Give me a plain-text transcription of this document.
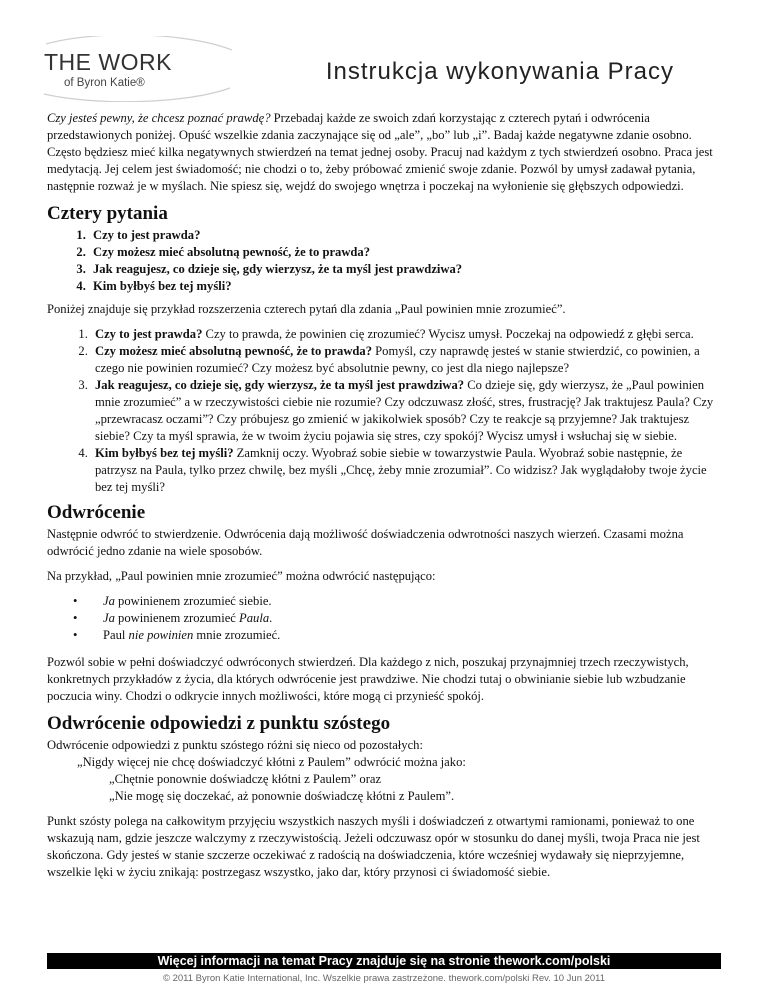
THE WORK
of Byron Katie®	Instrukcja wykonywania Pracy

Czy jesteś pewny, że chcesz poznać prawdę? Przebadaj każde ze swoich zdań korzystając z czterech pytań i odwrócenia przedstawionych poniżej. Opuść wszelkie zdania zaczynające się od „ale”, „bo” lub „i”. Badaj każde negatywne zdanie osobno. Często będziesz mieć kilka negatywnych stwierdzeń na temat jednej osoby. Pracuj nad każdym z tych stwierdzeń osobno. Praca jest medytacją. Jej celem jest świadomość; nie chodzi o to, żeby próbować zmienić swoje zdanie. Pozwól by umysł zadawał pytania, następnie rozważ je w myślach. Nie spiesz się, wejdź do swojego wnętrza i poczekaj na wyłonienie się głębszych odpowiedzi.

Cztery pytania
1. Czy to jest prawda?
2. Czy możesz mieć absolutną pewność, że to prawda?
3. Jak reagujesz, co dzieje się, gdy wierzysz, że ta myśl jest prawdziwa?
4. Kim byłbyś bez tej myśli?

Poniżej znajduje się przykład rozszerzenia czterech pytań dla zdania „Paul powinien mnie zrozumieć”.

1. Czy to jest prawda? Czy to prawda, że powinien cię zrozumieć? Wycisz umysł. Poczekaj na odpowiedź z głębi serca.
2. Czy możesz mieć absolutną pewność, że to prawda? Pomyśl, czy naprawdę jesteś w stanie stwierdzić, co powinien, a czego nie powinien rozumieć? Czy możesz być absolutnie pewny, co jest dla niego najlepsze?
3. Jak reagujesz, co dzieje się, gdy wierzysz, że ta myśl jest prawdziwa? Co dzieje się, gdy wierzysz, że „Paul powinien mnie zrozumieć” a w rzeczywistości ciebie nie rozumie? Czy odczuwasz złość, stres, frustrację? Jak traktujesz Paula? Czy „przewracasz oczami”? Czy próbujesz go zmienić w jakikolwiek sposób? Czy te reakcje są przyjemne? Jak traktujesz siebie? Czy ta myśl sprawia, że w twoim życiu pojawia się stres, czy spokój? Wycisz umysł i wsłuchaj się w siebie.
4. Kim byłbyś bez tej myśli? Zamknij oczy. Wyobraź sobie siebie w towarzystwie Paula. Wyobraź sobie następnie, że patrzysz na Paula, tylko przez chwilę, bez myśli „Chcę, żeby mnie zrozumiał”. Co widzisz? Jak wyglądałoby twoje życie bez tej myśli?
Odwrócenie

Następnie odwróć to stwierdzenie. Odwrócenia dają możliwość doświadczenia odwrotności naszych wierzeń. Czasami można odwrócić jedno zdanie na wiele sposobów.

Na przykład, „Paul powinien mnie zrozumieć” można odwrócić następująco:

• Ja powinienem zrozumieć siebie.
• Ja powinienem zrozumieć Paula.
• Paul nie powinien mnie zrozumieć.

Pozwól sobie w pełni doświadczyć odwróconych stwierdzeń. Dla każdego z nich, poszukaj przynajmniej trzech rzeczywistych, konkretnych przykładów z życia, dla których odwrócenie jest prawdziwe. Nie chodzi tutaj o obwinianie siebie lub wzbudzanie poczucia winy. Chodzi o odkrycie innych możliwości, które mogą ci przynieść spokój.

Odwrócenie odpowiedzi z punktu szóstego

Odwrócenie odpowiedzi z punktu szóstego różni się nieco od pozostałych:
„Nigdy więcej nie chcę doświadczyć kłótni z Paulem” odwrócić można jako:
„Chętnie ponownie doświadczę kłótni z Paulem” oraz
„Nie mogę się doczekać, aż ponownie doświadczę kłótni z Paulem”.

Punkt szósty polega na całkowitym przyjęciu wszystkich naszych myśli i doświadczeń z otwartymi ramionami, ponieważ to one wskazują nam, gdzie jeszcze walczymy z rzeczywistością. Jeżeli odczuwasz opór w stosunku do danej myśli, twoja Praca nie jest skończona. Gdy jesteś w stanie szczerze oczekiwać z radością na doświadczenia, które wcześniej wydawały się nieprzyjemne, wszelkie lęki w życiu znikają: postrzegasz wszystko, jako dar, który przynosi ci świadomość siebie.

Więcej informacji na temat Pracy znajduje się na stronie thework.com/polski
© 2011 Byron Katie International, Inc. Wszelkie prawa zastrzeżone. thework.com/polski Rev. 10 Jun 2011
